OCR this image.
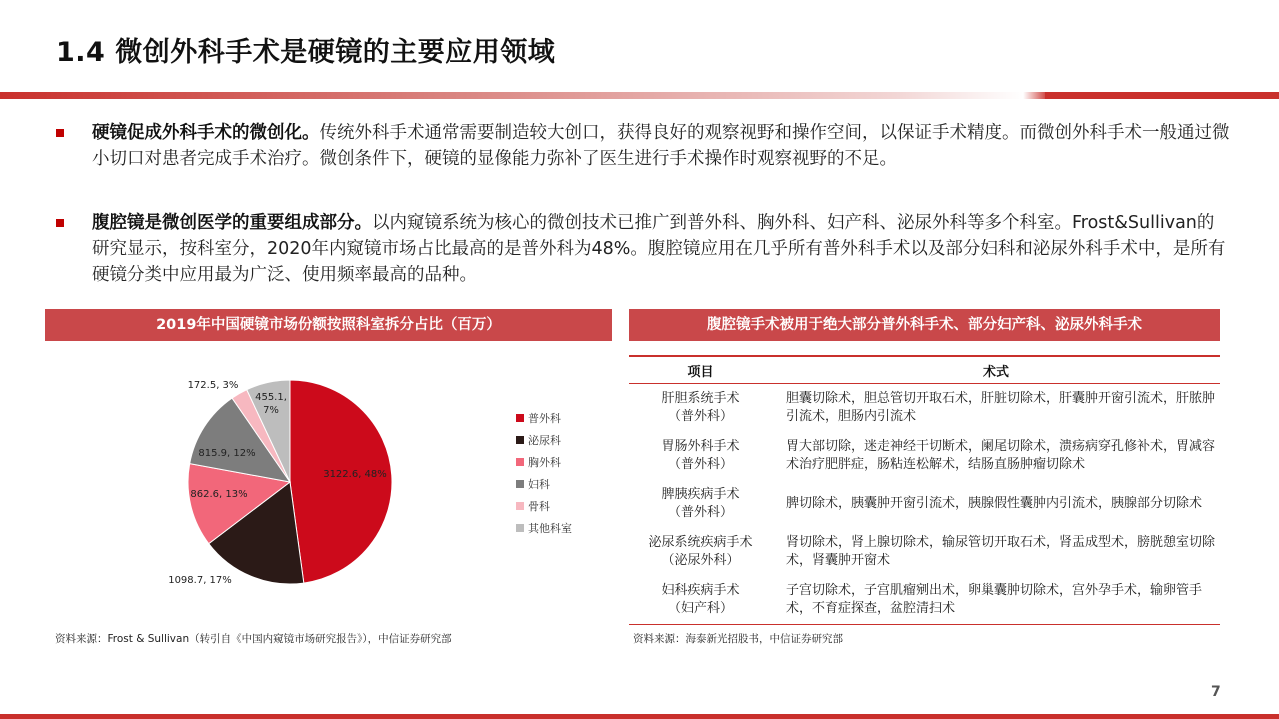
1.4 微创外科手术是硬镜的主要应用领域
硬镜促成外科手术的微创化。传统外科手术通常需要制造较大创口，获得良好的观察视野和操作空间，以保证手术精度。而微创外科手术一般通过微小切口对患者完成手术治疗。微创条件下，硬镜的显像能力弥补了医生进行手术操作时观察视野的不足。
腹腔镜是微创医学的重要组成部分。以内窥镜系统为核心的微创技术已推广到普外科、胸外科、妇产科、泌尿外科等多个科室。Frost&Sullivan的研究显示，按科室分，2020年内窥镜市场占比最高的是普外科为48%。腹腔镜应用在几乎所有普外科手术以及部分妇科和泌尿外科手术中，是所有硬镜分类中应用最为广泛、使用频率最高的品种。
2019年中国硬镜市场份额按照科室拆分占比（百万）	腹腔镜手术被用于绝大部分普外科手术、部分妇产科、泌尿外科手术
3122.6, 48%
1098.7, 17%
862.6, 13%
815.9, 12%
172.5, 3%
455.1, 7%
普外科
泌尿科
胸外科
妇科
骨科
其他科室
资料来源：Frost & Sullivan（转引自《中国内窥镜市场研究报告》），中信证券研究部
项目	术式
肝胆系统手术
（普外科）	胆囊切除术，胆总管切开取石术，肝脏切除术，肝囊肿开窗引流术，肝脓肿引流术，胆肠内引流术
胃肠外科手术
（普外科）	胃大部切除，迷走神经干切断术，阑尾切除术，溃疡病穿孔修补术，胃减容术治疗肥胖症，肠粘连松解术，结肠直肠肿瘤切除术
脾胰疾病手术
（普外科）	脾切除术，胰囊肿开窗引流术，胰腺假性囊肿内引流术，胰腺部分切除术
泌尿系统疾病手术
（泌尿外科）	肾切除术，肾上腺切除术，输尿管切开取石术，肾盂成型术，膀胱憩室切除术，肾囊肿开窗术
妇科疾病手术
（妇产科）	子宫切除术，子宫肌瘤剜出术，卵巢囊肿切除术，宫外孕手术，输卵管手术，不育症探查，盆腔清扫术
资料来源：海泰新光招股书，中信证券研究部
7
